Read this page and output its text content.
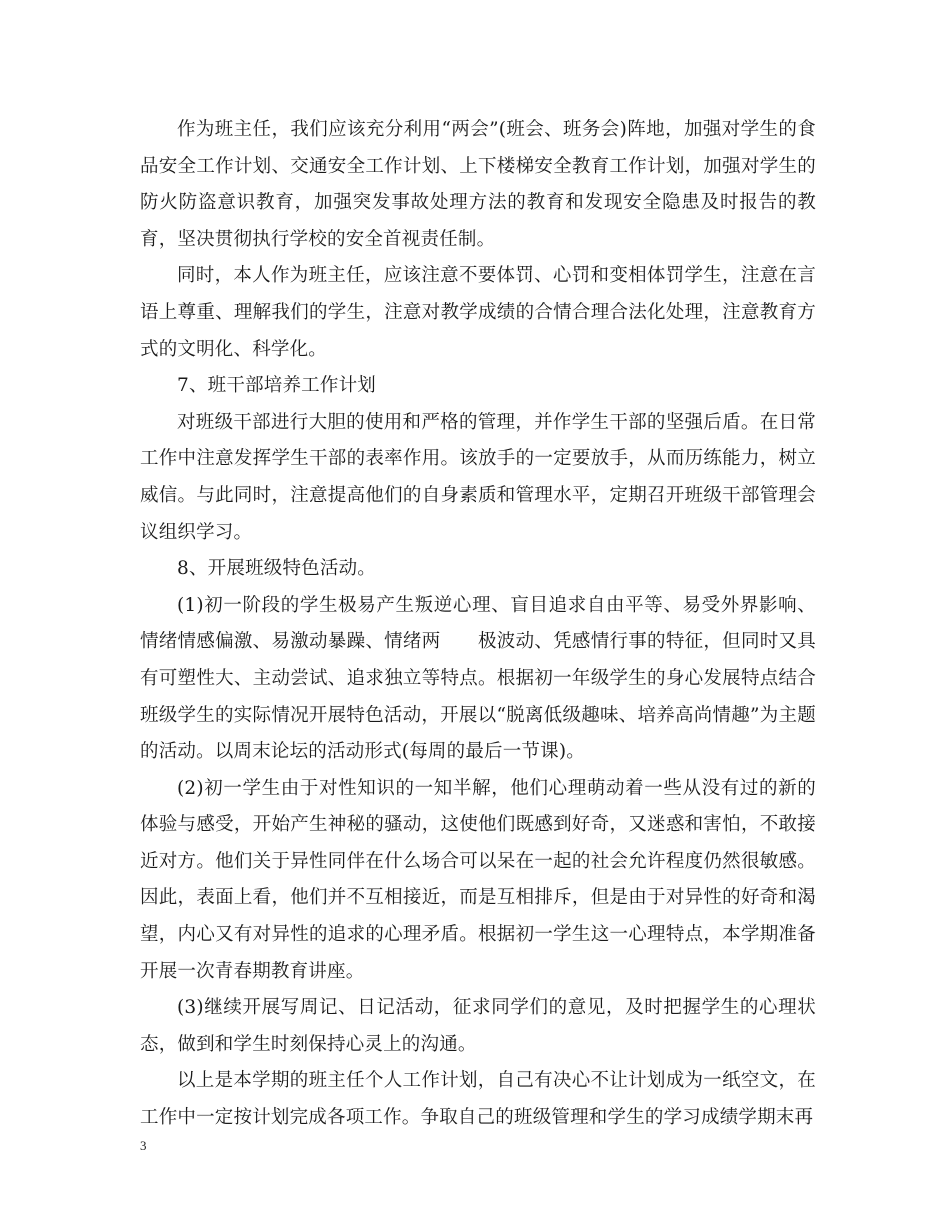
作为班主任，我们应该充分利用“两会”(班会、班务会)阵地，加强对学生的食品安全工作计划、交通安全工作计划、上下楼梯安全教育工作计划，加强对学生的防火防盗意识教育，加强突发事故处理方法的教育和发现安全隐患及时报告的教育，坚决贯彻执行学校的安全首视责任制。

同时，本人作为班主任，应该注意不要体罚、心罚和变相体罚学生，注意在言语上尊重、理解我们的学生，注意对教学成绩的合情合理合法化处理，注意教育方式的文明化、科学化。

7、班干部培养工作计划

对班级干部进行大胆的使用和严格的管理，并作学生干部的坚强后盾。在日常工作中注意发挥学生干部的表率作用。该放手的一定要放手，从而历练能力，树立威信。与此同时，注意提高他们的自身素质和管理水平，定期召开班级干部管理会议组织学习。

8、开展班级特色活动。

(1)初一阶段的学生极易产生叛逆心理、盲目追求自由平等、易受外界影响、情绪情感偏激、易激动暴躁、情绪两　　极波动、凭感情行事的特征，但同时又具有可塑性大、主动尝试、追求独立等特点。根据初一年级学生的身心发展特点结合班级学生的实际情况开展特色活动，开展以“脱离低级趣味、培养高尚情趣”为主题的活动。以周末论坛的活动形式(每周的最后一节课)。

(2)初一学生由于对性知识的一知半解，他们心理萌动着一些从没有过的新的体验与感受，开始产生神秘的骚动，这使他们既感到好奇，又迷惑和害怕，不敢接近对方。他们关于异性同伴在什么场合可以呆在一起的社会允许程度仍然很敏感。因此，表面上看，他们并不互相接近，而是互相排斥，但是由于对异性的好奇和渴望，内心又有对异性的追求的心理矛盾。根据初一学生这一心理特点，本学期准备开展一次青春期教育讲座。

(3)继续开展写周记、日记活动，征求同学们的意见，及时把握学生的心理状态，做到和学生时刻保持心灵上的沟通。

以上是本学期的班主任个人工作计划，自己有决心不让计划成为一纸空文，在工作中一定按计划完成各项工作。争取自己的班级管理和学生的学习成绩学期末再

3
